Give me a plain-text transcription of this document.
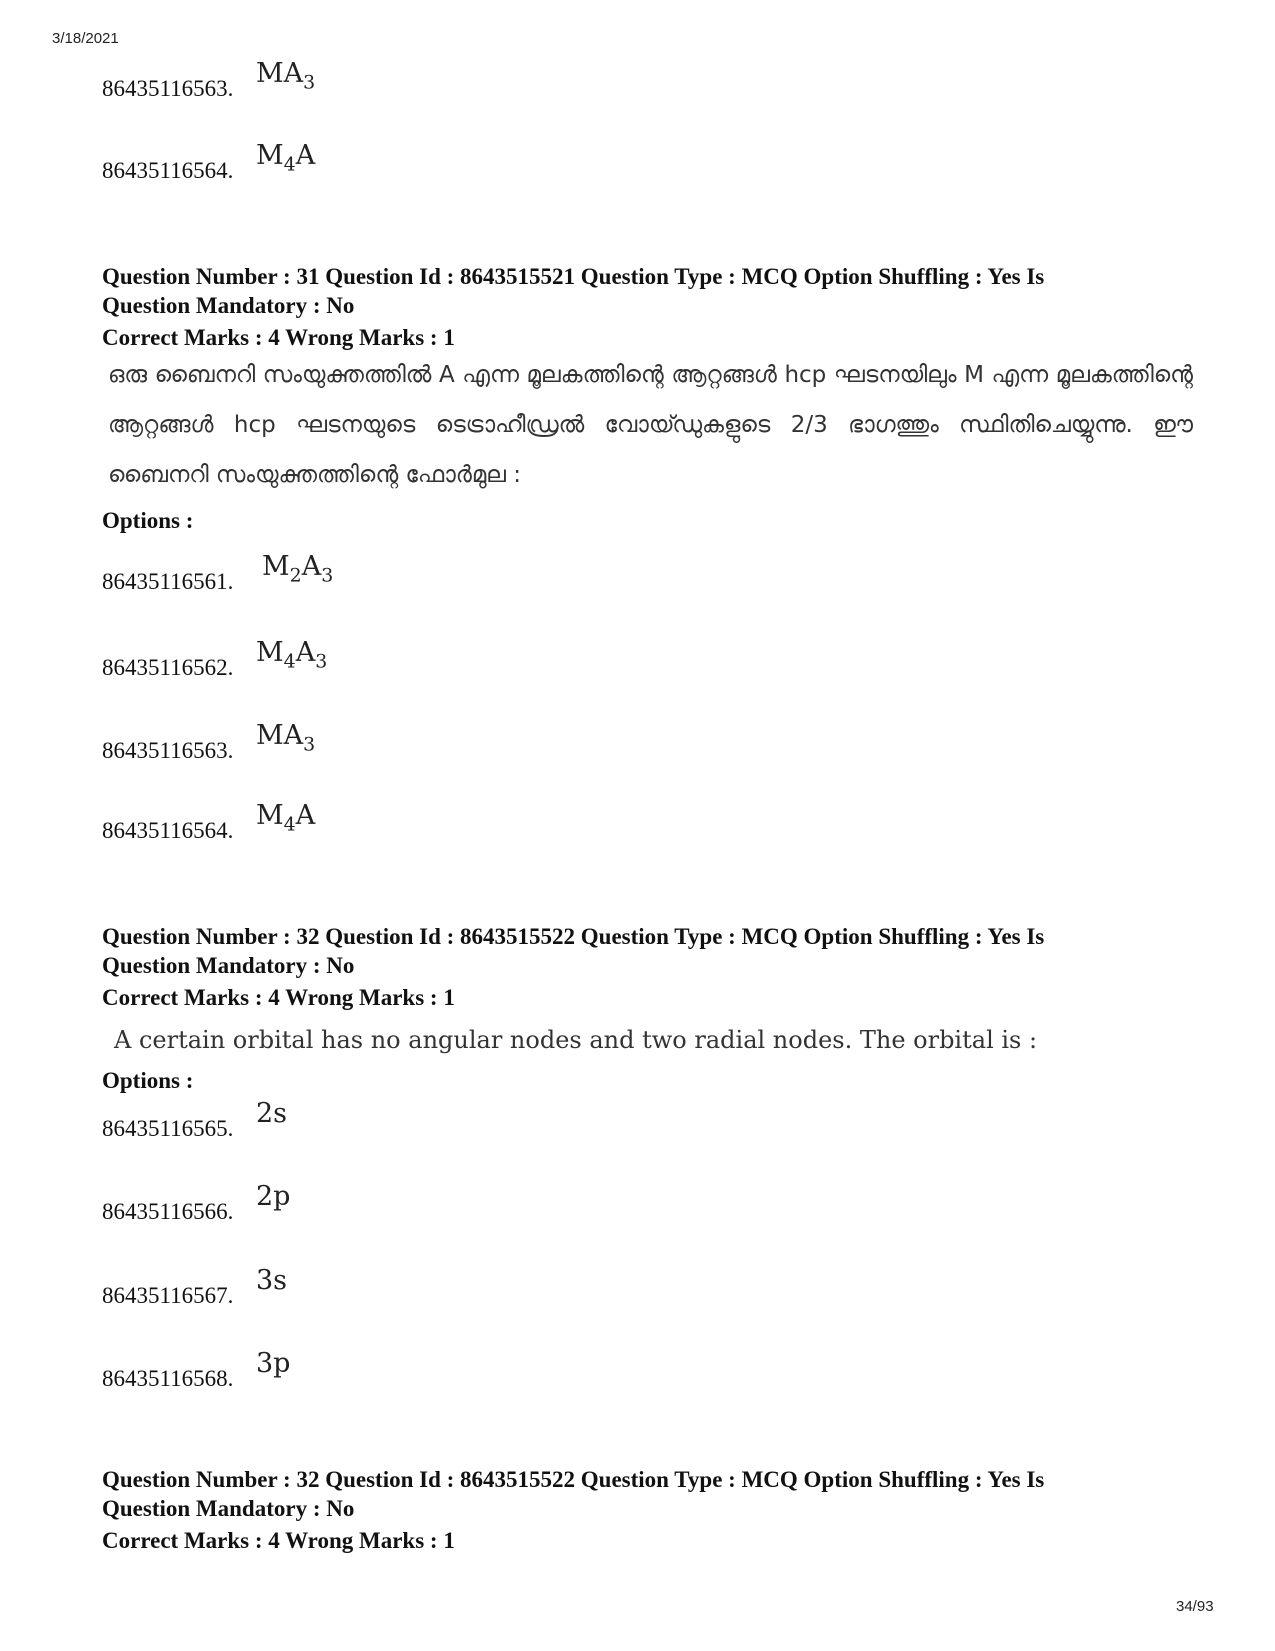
3/18/2021
86435116563. $MA_3$
86435116564. $M_4A$
Question Number : 31 Question Id : 8643515521 Question Type : MCQ Option Shuffling : Yes Is
Question Mandatory : No
Correct Marks : 4 Wrong Marks : 1
ഒരു ബൈനറി സംയുക്തത്തിൽ A എന്ന മൂലകത്തിന്റെ ആറ്റങ്ങൾ hcp ഘടനയിലും M എന്ന മൂലകത്തിന്റെ ആറ്റങ്ങൾ hcp ഘടനയുടെ ടെട്രാഹീഡ്രൽ വോയ്ഡുകളുടെ 2/3 ഭാഗത്തും സ്ഥിതിചെയ്യുന്നു. ഈ ബൈനറി സംയുക്തത്തിന്റെ ഫോർമുല :
Options :
86435116561. $M_2A_3$
86435116562. $M_4A_3$
86435116563. $MA_3$
86435116564. $M_4A$
Question Number : 32 Question Id : 8643515522 Question Type : MCQ Option Shuffling : Yes Is
Question Mandatory : No
Correct Marks : 4 Wrong Marks : 1
A certain orbital has no angular nodes and two radial nodes. The orbital is :
Options :
86435116565. 2s
86435116566. 2p
86435116567. 3s
86435116568. 3p
Question Number : 32 Question Id : 8643515522 Question Type : MCQ Option Shuffling : Yes Is
Question Mandatory : No
Correct Marks : 4 Wrong Marks : 1
34/93
